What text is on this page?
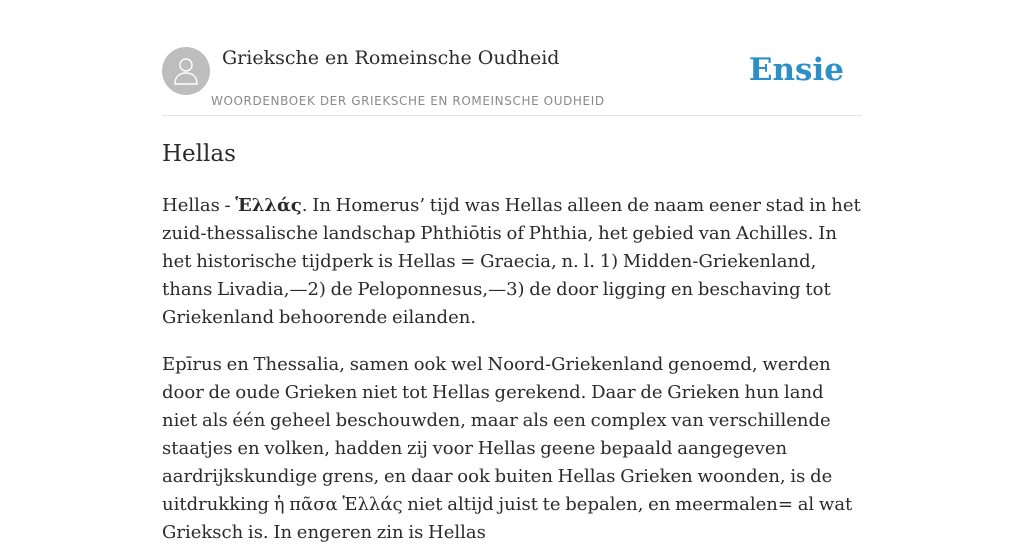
Grieksche en Romeinsche Oudheid
WOORDENBOEK DER GRIEKSCHE EN ROMEINSCHE OUDHEID
Ensie
Hellas

Hellas - Ἑλλάς. In Homerus’ tijd was Hellas alleen de naam eener stad in het zuid-thessalische landschap Phthiōtis of Phthia, het gebied van Achilles. In het historische tijdperk is Hellas = Graecia, n. l. 1) Midden-Griekenland, thans Livadia,—2) de Peloponnesus,—3) de door ligging en beschaving tot Griekenland behoorende eilanden.

Epīrus en Thessalia, samen ook wel Noord-Griekenland genoemd, werden door de oude Grieken niet tot Hellas gerekend. Daar de Grieken hun land niet als één geheel beschouwden, maar als een complex van verschillende staatjes en volken, hadden zij voor Hellas geene bepaald aangegeven aardrijkskundige grens, en daar ook buiten Hellas Grieken woonden, is de uitdrukking ἡ πᾶσα Ἑλλάς niet altijd juist te bepalen, en meermalen= al wat Grieksch is. In engeren zin is Hellas
